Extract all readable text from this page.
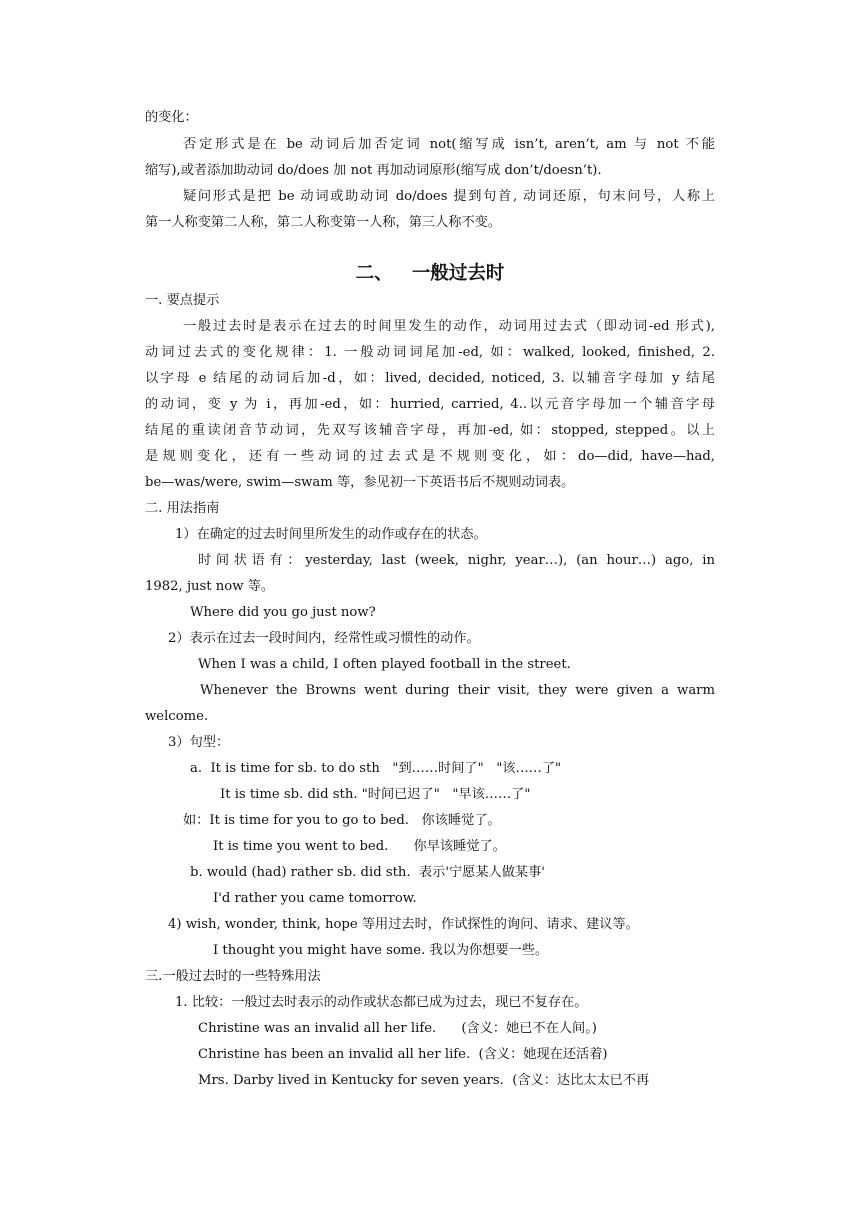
的变化：
否定形式是在 be 动词后加否定词 not(缩写成 isn’t, aren’t, am 与 not 不能
缩写),或者添加助动词 do/does 加 not 再加动词原形(缩写成 don’t/doesn’t).
疑问形式是把 be 动词或助动词 do/does 提到句首, 动词还原，句末问号，人称上
第一人称变第二人称，第二人称变第一人称，第三人称不变。
二、   一般过去时
一. 要点提示
一般过去时是表示在过去的时间里发生的动作，动词用过去式（即动词-ed 形式),
动词过去式的变化规律：1. 一般动词词尾加-ed, 如：walked, looked, finished, 2.
以字母 e 结尾的动词后加-d，如：lived, decided, noticed, 3. 以辅音字母加 y 结尾
的动词，变 y 为 i，再加-ed，如：hurried, carried, 4..以元音字母加一个辅音字母
结尾的重读闭音节动词，先双写该辅音字母，再加-ed, 如：stopped, stepped。以上
是规则变化，还有一些动词的过去式是不规则变化，如：do—did, have—had,
be—was/were, swim—swam 等，参见初一下英语书后不规则动词表。
二. 用法指南
1）在确定的过去时间里所发生的动作或存在的状态。
时间状语有：yesterday, last (week, nighr, year…), (an hour…) ago, in
1982, just now 等。
Where did you go just now?
2）表示在过去一段时间内，经常性或习惯性的动作。
When I was a child, I often played football in the street.
Whenever the Browns went during their visit, they were given a warm
welcome.
3）句型：
a.  It is time for sb. to do sth   "到……时间了"   "该……了"
It is time sb. did sth. "时间已迟了"   "早该……了"
如：It is time for you to go to bed.   你该睡觉了。
It is time you went to bed.      你早该睡觉了。
b. would (had) rather sb. did sth.  表示'宁愿某人做某事'
I'd rather you came tomorrow.
4) wish, wonder, think, hope 等用过去时，作试探性的询问、请求、建议等。
I thought you might have some. 我以为你想要一些。
三.一般过去时的一些特殊用法
1. 比较：一般过去时表示的动作或状态都已成为过去，现已不复存在。
Christine was an invalid all her life.      (含义：她已不在人间。)
Christine has been an invalid all her life.  (含义：她现在还活着)
Mrs. Darby lived in Kentucky for seven years.  (含义：达比太太已不再
